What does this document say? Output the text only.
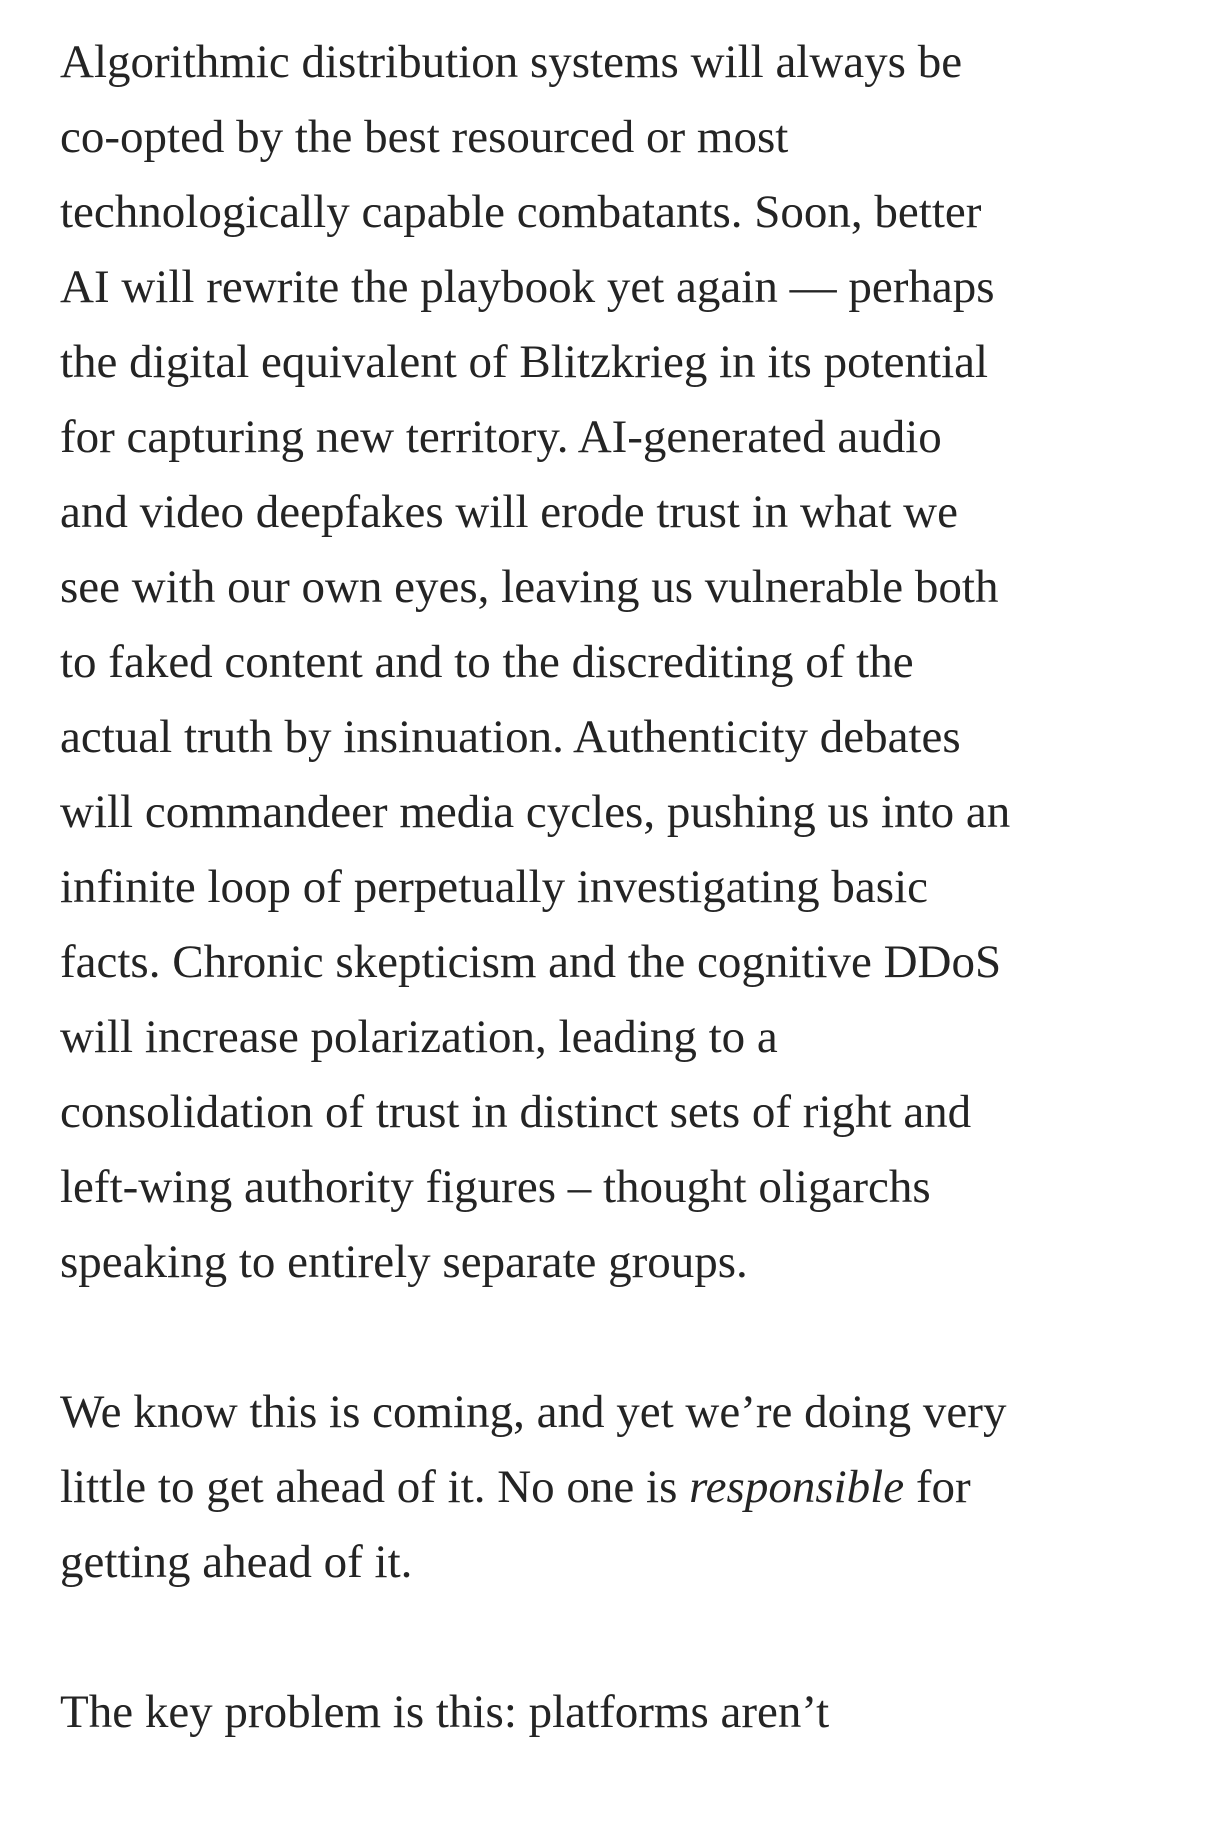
Algorithmic distribution systems will always be
co-opted by the best resourced or most
technologically capable combatants. Soon, better
AI will rewrite the playbook yet again — perhaps
the digital equivalent of Blitzkrieg in its potential
for capturing new territory. AI-generated audio
and video deepfakes will erode trust in what we
see with our own eyes, leaving us vulnerable both
to faked content and to the discrediting of the
actual truth by insinuation. Authenticity debates
will commandeer media cycles, pushing us into an
infinite loop of perpetually investigating basic
facts. Chronic skepticism and the cognitive DDoS
will increase polarization, leading to a
consolidation of trust in distinct sets of right and
left-wing authority figures – thought oligarchs
speaking to entirely separate groups.

We know this is coming, and yet we’re doing very
little to get ahead of it. No one is responsible for
getting ahead of it.

The key problem is this: platforms aren’t
